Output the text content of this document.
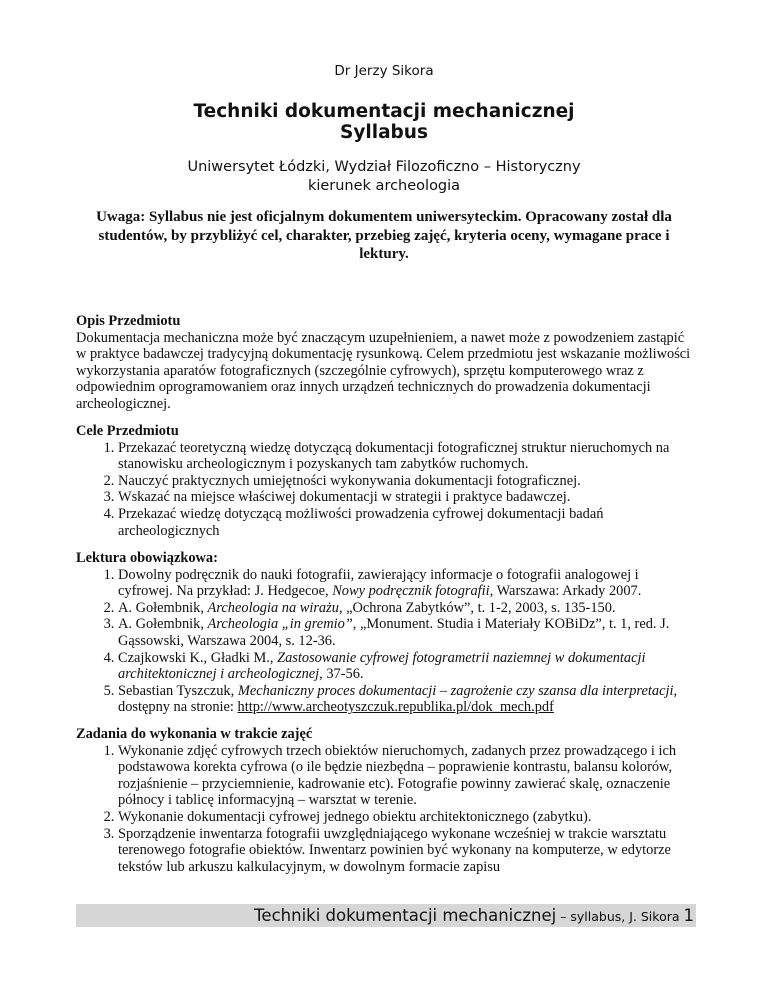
Dr Jerzy Sikora
Techniki dokumentacji mechanicznej
Syllabus
Uniwersytet Łódzki, Wydział Filozoficzno – Historyczny
kierunek archeologia
Uwaga: Syllabus nie jest oficjalnym dokumentem uniwersyteckim. Opracowany został dla studentów, by przybliżyć cel, charakter, przebieg zajęć, kryteria oceny, wymagane prace i lektury.
Opis Przedmiotu

Dokumentacja mechaniczna może być znaczącym uzupełnieniem, a nawet może z powodzeniem zastąpić w praktyce badawczej tradycyjną dokumentację rysunkową. Celem przedmiotu jest wskazanie możliwości wykorzystania aparatów fotograficznych (szczególnie cyfrowych), sprzętu komputerowego wraz z odpowiednim oprogramowaniem oraz innych urządzeń technicznych do prowadzenia dokumentacji archeologicznej.

Cele Przedmiotu
1. Przekazać teoretyczną wiedzę dotyczącą dokumentacji fotograficznej struktur nieruchomych na stanowisku archeologicznym i pozyskanych tam zabytków ruchomych.
2. Nauczyć praktycznych umiejętności wykonywania dokumentacji fotograficznej.
3. Wskazać na miejsce właściwej dokumentacji w strategii i praktyce badawczej.
4. Przekazać wiedzę dotyczącą możliwości prowadzenia cyfrowej dokumentacji badań archeologicznych
Lektura obowiązkowa:
1. Dowolny podręcznik do nauki fotografii, zawierający informacje o fotografii analogowej i cyfrowej. Na przykład: J. Hedgecoe, Nowy podręcznik fotografii, Warszawa: Arkady 2007.
2. A. Gołembnik, Archeologia na wirażu, „Ochrona Zabytków”, t. 1-2, 2003, s. 135-150.
3. A. Gołembnik, Archeologia „in gremio”, „Monument. Studia i Materiały KOBiDz”, t. 1, red. J. Gąssowski, Warszawa 2004, s. 12-36.
4. Czajkowski K., Gładki M., Zastosowanie cyfrowej fotogrametrii naziemnej w dokumentacji architektonicznej i archeologicznej, 37-56.
5. Sebastian Tyszczuk, Mechaniczny proces dokumentacji – zagrożenie czy szansa dla interpretacji, dostępny na stronie: http://www.archeotyszczuk.republika.pl/dok_mech.pdf
Zadania do wykonania w trakcie zajęć
1. Wykonanie zdjęć cyfrowych trzech obiektów nieruchomych, zadanych przez prowadzącego i ich podstawowa korekta cyfrowa (o ile będzie niezbędna – poprawienie kontrastu, balansu kolorów, rozjaśnienie – przyciemnienie, kadrowanie etc). Fotografie powinny zawierać skalę, oznaczenie północy i tablicę informacyjną – warsztat w terenie.
2. Wykonanie dokumentacji cyfrowej jednego obiektu architektonicznego (zabytku).
3. Sporządzenie inwentarza fotografii uwzględniającego wykonane wcześniej w trakcie warsztatu terenowego fotografie obiektów. Inwentarz powinien być wykonany na komputerze, w edytorze tekstów lub arkuszu kalkulacyjnym, w dowolnym formacie zapisu
Techniki dokumentacji mechanicznej – syllabus, J. Sikora 1
